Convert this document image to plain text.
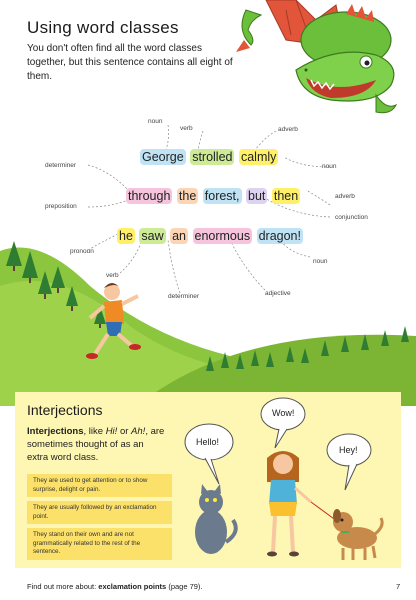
Using word classes
You don't often find all the word classes together, but this sentence contains all eight of them.
verb
noun
adverb
determiner	noun
preposition
adverb
conjunction
pronoun
noun
verb
determiner	adjective
George strolled calmly
through the forest, but then
he saw an enormous dragon!
Interjections
Interjections, like Hi! or Ah!, are sometimes thought of as an extra word class.
They are used to get attention or to show surprise, delight or pain.
They are usually followed by an exclamation point.
They stand on their own and are not grammatically related to the rest of the sentence.
Hello!
Wow!
Hey!
Find out more about: exclamation points (page 79).	7
